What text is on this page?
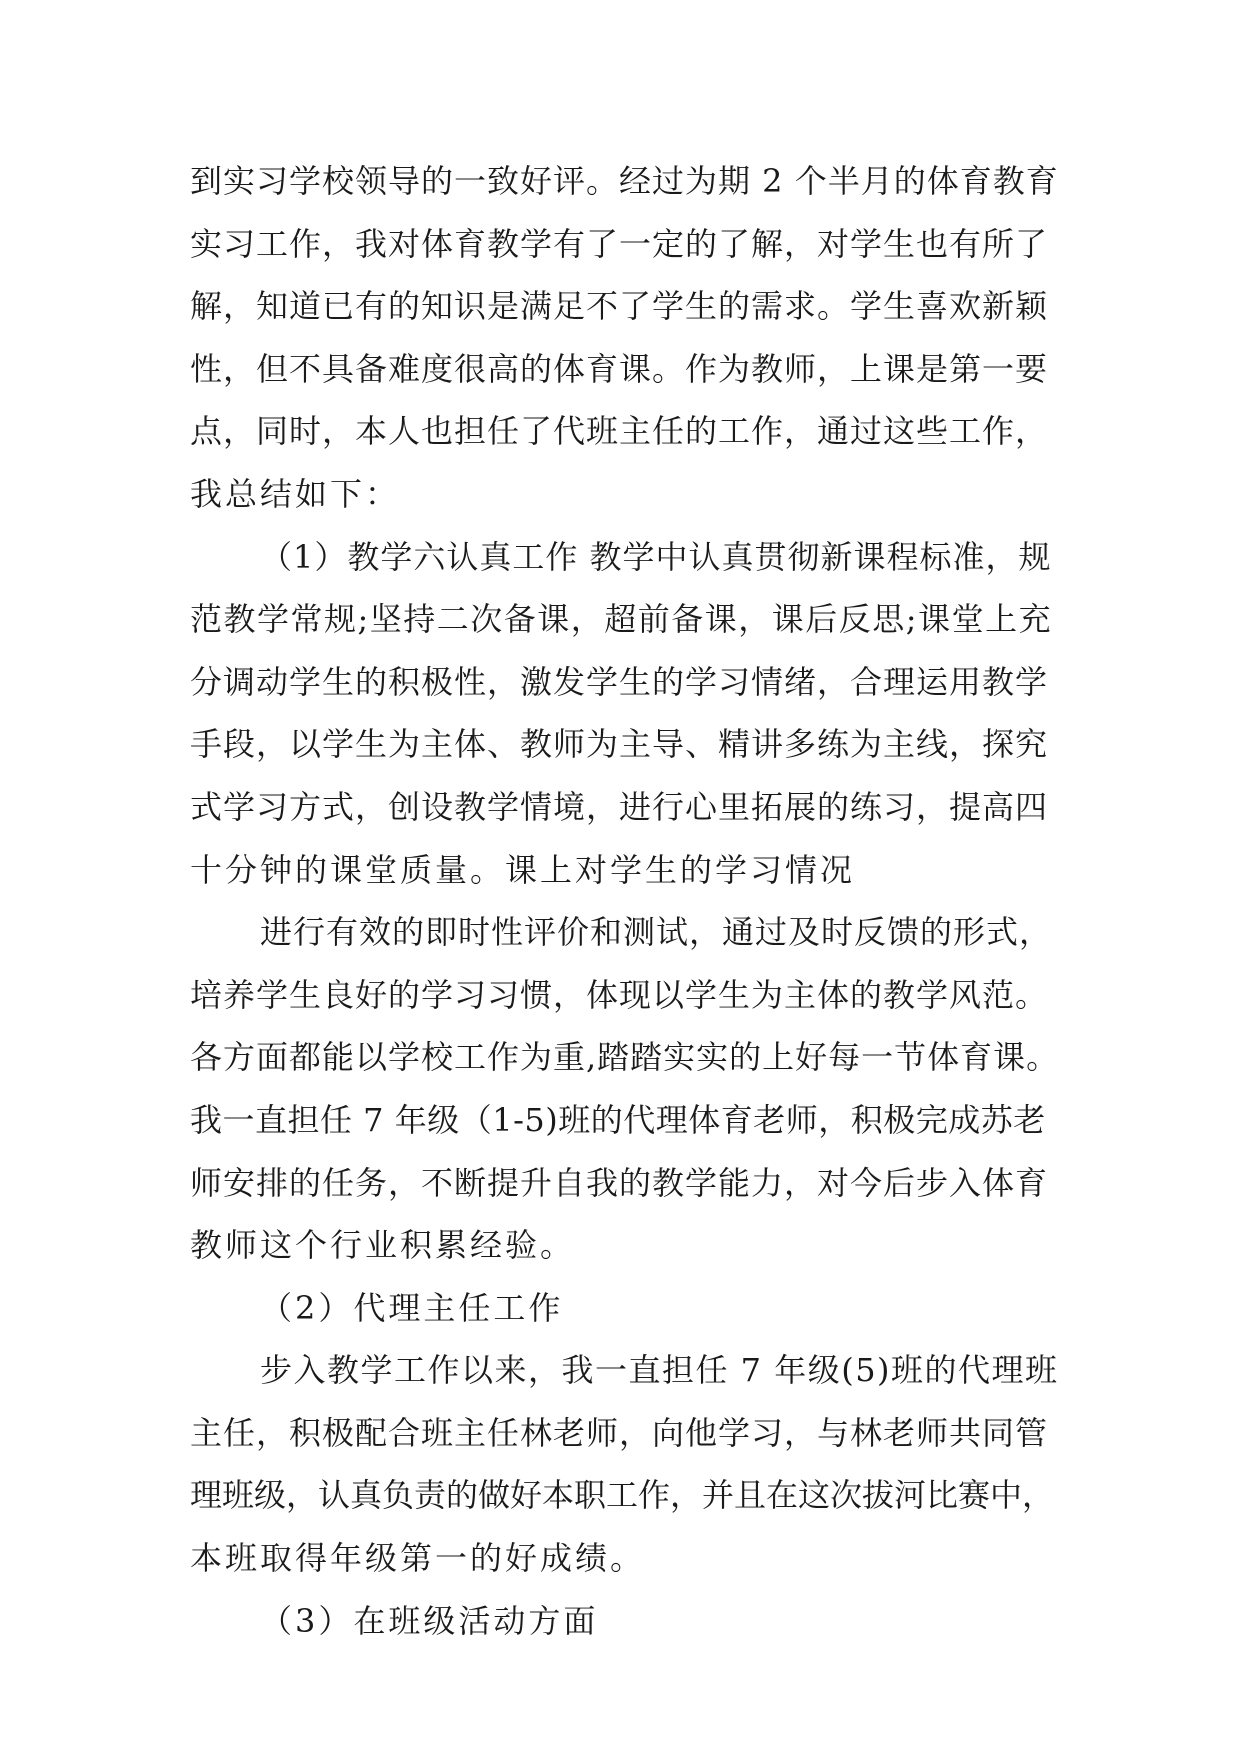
到实习学校领导的一致好评。经过为期 2 个半月的体育教育
实习工作，我对体育教学有了一定的了解，对学生也有所了
解，知道已有的知识是满足不了学生的需求。学生喜欢新颖
性，但不具备难度很高的体育课。作为教师，上课是第一要
点，同时，本人也担任了代班主任的工作，通过这些工作，
我总结如下：
（1）教学六认真工作 教学中认真贯彻新课程标准，规
范教学常规;坚持二次备课，超前备课，课后反思;课堂上充
分调动学生的积极性，激发学生的学习情绪，合理运用教学
手段，以学生为主体、教师为主导、精讲多练为主线，探究
式学习方式，创设教学情境，进行心里拓展的练习，提高四
十分钟的课堂质量。课上对学生的学习情况
进行有效的即时性评价和测试，通过及时反馈的形式，
培养学生良好的学习习惯，体现以学生为主体的教学风范。
各方面都能以学校工作为重,踏踏实实的上好每一节体育课。
我一直担任 7 年级（1-5)班的代理体育老师，积极完成苏老
师安排的任务，不断提升自我的教学能力，对今后步入体育
教师这个行业积累经验。
（2）代理主任工作
步入教学工作以来，我一直担任 7 年级(5)班的代理班
主任，积极配合班主任林老师，向他学习，与林老师共同管
理班级，认真负责的做好本职工作，并且在这次拔河比赛中，
本班取得年级第一的好成绩。
（3）在班级活动方面
